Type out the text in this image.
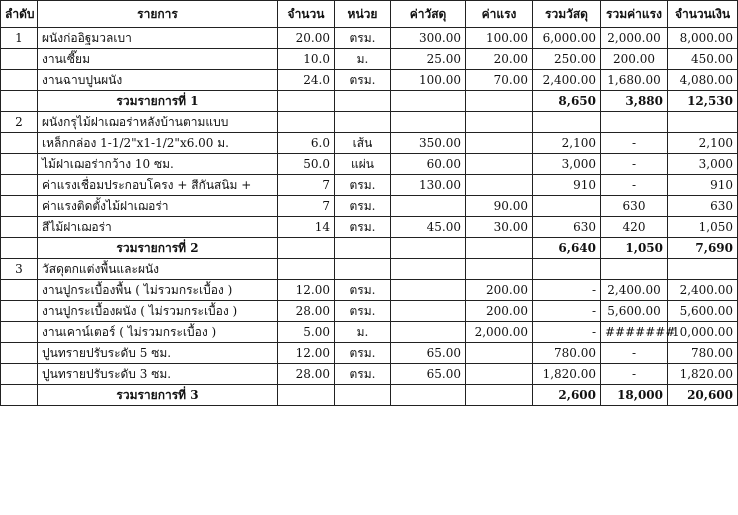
ลำดับ	รายการ	จำนวน	หน่วย	ค่าวัสดุ	ค่าแรง	รวมวัสดุ	รวมค่าแรง	จำนวนเงิน
1	ผนังก่ออิฐมวลเบา	20.00	ตรม.	300.00	100.00	6,000.00	2,000.00	8,000.00
	งานเซี๊ยม	10.0	ม.	25.00	20.00	250.00	200.00	450.00
	งานฉาบปูนผนัง	24.0	ตรม.	100.00	70.00	2,400.00	1,680.00	4,080.00
	รวมรายการที่ 1					8,650	3,880	12,530
2	ผนังกรุไม้ฝาเฌอร่าหลังบ้านตามแบบ							
	เหล็กกล่อง 1-1/2"x1-1/2"x6.00 ม.	6.0	เส้น	350.00		2,100	-	2,100
	ไม้ฝาเฌอร่ากว้าง 10 ซม.	50.0	แผ่น	60.00		3,000	-	3,000
	ค่าแรงเชื่อมประกอบโครง + สีกันสนิม +	7	ตรม.	130.00		910	-	910
	ค่าแรงติดตั้งไม้ฝาเฌอร่า	7	ตรม.		90.00		630	630
	สีไม้ฝาเฌอร่า	14	ตรม.	45.00	30.00	630	420	1,050
	รวมรายการที่ 2					6,640	1,050	7,690
3	วัสดุตกแต่งพื้นและผนัง							
	งานปูกระเบื้องพื้น ( ไม่รวมกระเบื้อง )	12.00	ตรม.		200.00	-	2,400.00	2,400.00
	งานปูกระเบื้องผนัง ( ไม่รวมกระเบื้อง )	28.00	ตรม.		200.00	-	5,600.00	5,600.00
	งานเคาน์เตอร์ ( ไม่รวมกระเบื้อง )	5.00	ม.		2,000.00	-	#######	10,000.00
	ปูนทรายปรับระดับ 5 ซม.	12.00	ตรม.	65.00		780.00	-	780.00
	ปูนทรายปรับระดับ 3 ซม.	28.00	ตรม.	65.00		1,820.00	-	1,820.00
	รวมรายการที่ 3					2,600	18,000	20,600
